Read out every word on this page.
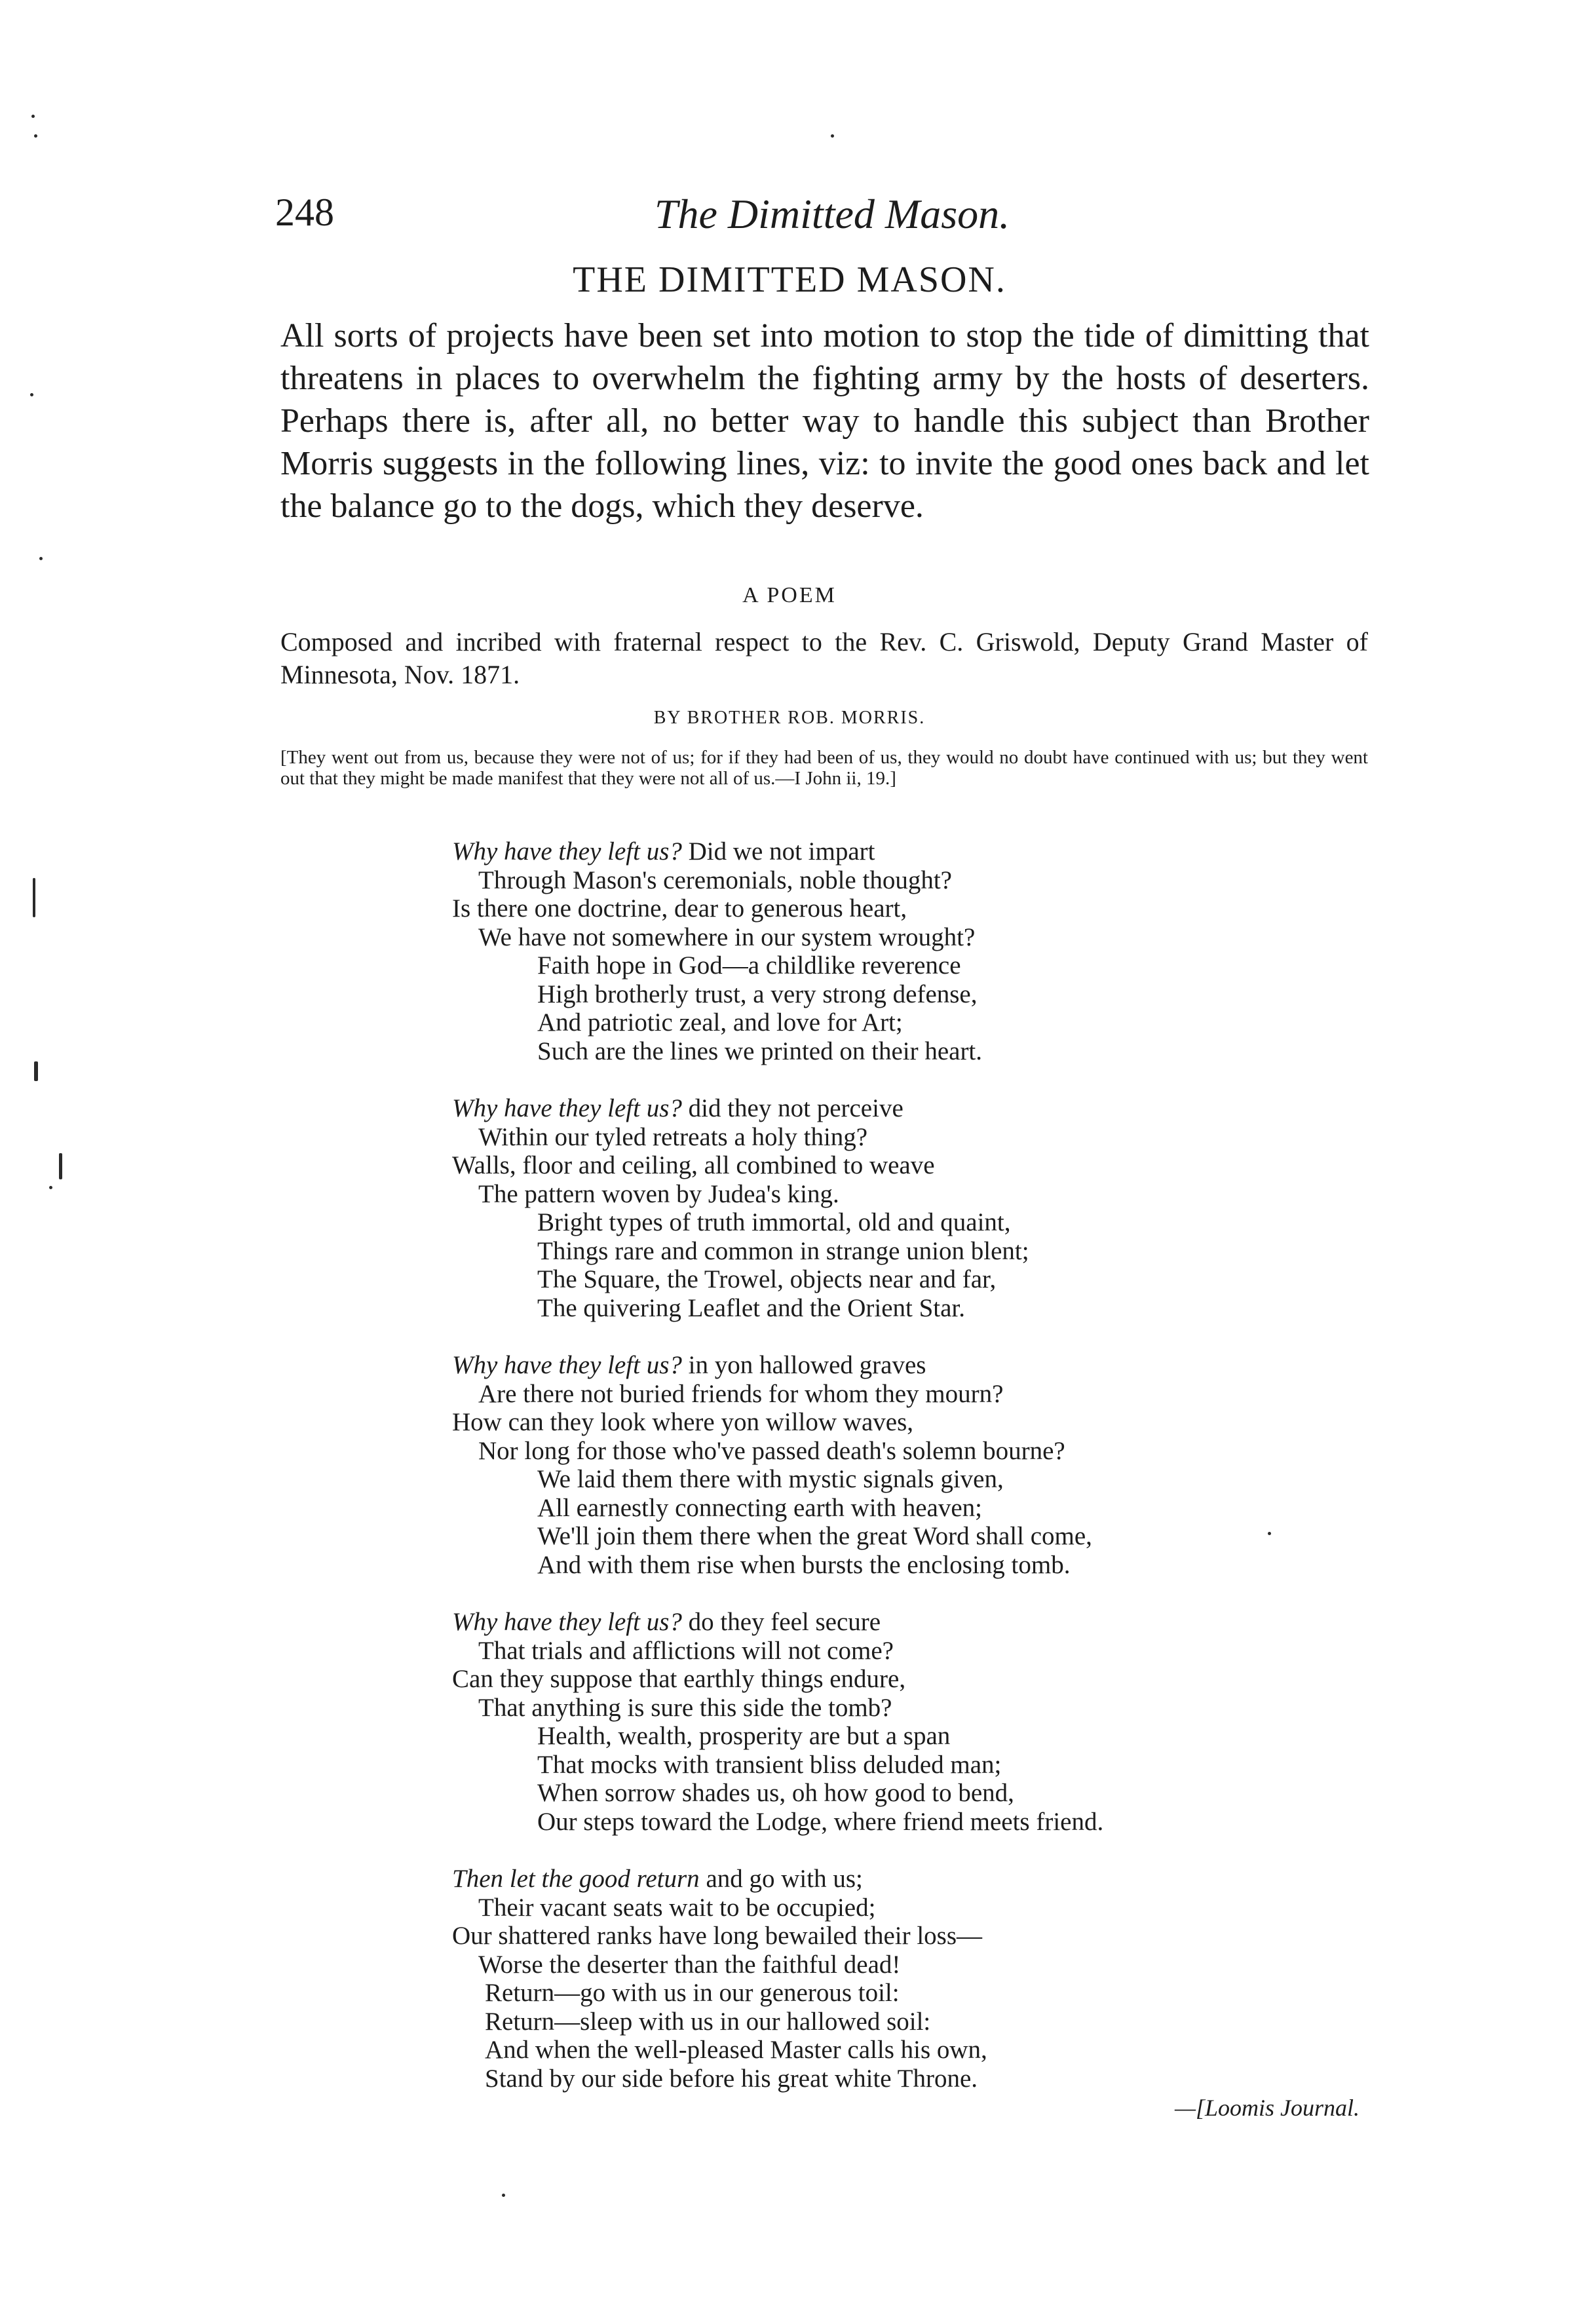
248	The Dimitted Mason.
THE DIMITTED MASON.

All sorts of projects have been set into motion to stop the tide of dimitting that threatens in places to overwhelm the fighting army by the hosts of deserters. Perhaps there is, after all, no better way to handle this subject than Brother Morris suggests in the following lines, viz: to invite the good ones back and let the balance go to the dogs, which they deserve.

A POEM

Composed and incribed with fraternal respect to the Rev. C. Griswold, Deputy Grand Master of Minnesota, Nov. 1871.

BY BROTHER ROB. MORRIS.

[They went out from us, because they were not of us; for if they had been of us, they would no doubt have continued with us; but they went out that they might be made manifest that they were not all of us.—I John ii, 19.]

Why have they left us? Did we not impart
Through Mason's ceremonials, noble thought?
Is there one doctrine, dear to generous heart,
We have not somewhere in our system wrought?
Faith hope in God—a childlike reverence
High brotherly trust, a very strong defense,
And patriotic zeal, and love for Art;
Such are the lines we printed on their heart.
Why have they left us? did they not perceive
Within our tyled retreats a holy thing?
Walls, floor and ceiling, all combined to weave
The pattern woven by Judea's king.
Bright types of truth immortal, old and quaint,
Things rare and common in strange union blent;
The Square, the Trowel, objects near and far,
The quivering Leaflet and the Orient Star.
Why have they left us? in yon hallowed graves
Are there not buried friends for whom they mourn?
How can they look where yon willow waves,
Nor long for those who've passed death's solemn bourne?
We laid them there with mystic signals given,
All earnestly connecting earth with heaven;
We'll join them there when the great Word shall come,
And with them rise when bursts the enclosing tomb.
Why have they left us? do they feel secure
That trials and afflictions will not come?
Can they suppose that earthly things endure,
That anything is sure this side the tomb?
Health, wealth, prosperity are but a span
That mocks with transient bliss deluded man;
When sorrow shades us, oh how good to bend,
Our steps toward the Lodge, where friend meets friend.
Then let the good return and go with us;
Their vacant seats wait to be occupied;
Our shattered ranks have long bewailed their loss—
Worse the deserter than the faithful dead!
Return—go with us in our generous toil:
Return—sleep with us in our hallowed soil:
And when the well-pleased Master calls his own,
Stand by our side before his great white Throne.
—[Loomis Journal.
